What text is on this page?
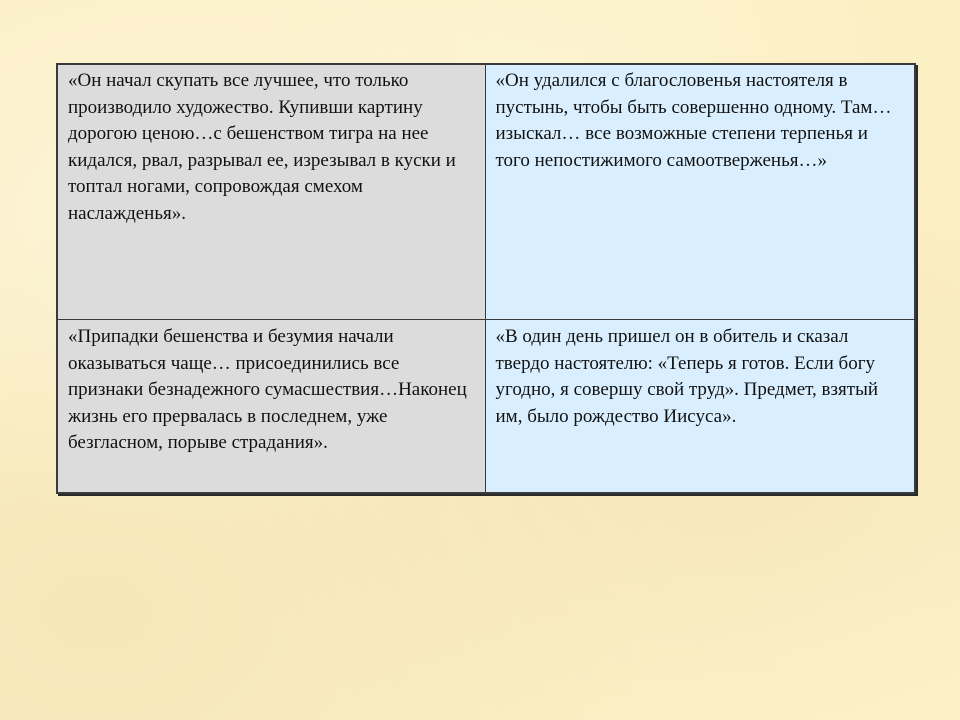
«Он начал скупать все лучшее, что только производило художество. Купивши картину дорогою ценою…с бешенством тигра на нее кидался, рвал, разрывал ее, изрезывал в куски и топтал ногами, сопровождая смехом наслажденья».	«Он удалился с благословенья настоятеля в пустынь, чтобы быть совершенно одному. Там… изыскал… все возможные степени терпенья и того непостижимого самоотверженья…»
«Припадки бешенства и безумия начали оказываться чаще… присоединились все признаки безнадежного сумасшествия…Наконец жизнь его прервалась в последнем, уже безгласном, порыве страдания».	«В один день пришел он в обитель и сказал твердо настоятелю: «Теперь я готов. Если богу угодно, я совершу свой труд». Предмет, взятый им, было рождество Иисуса».
